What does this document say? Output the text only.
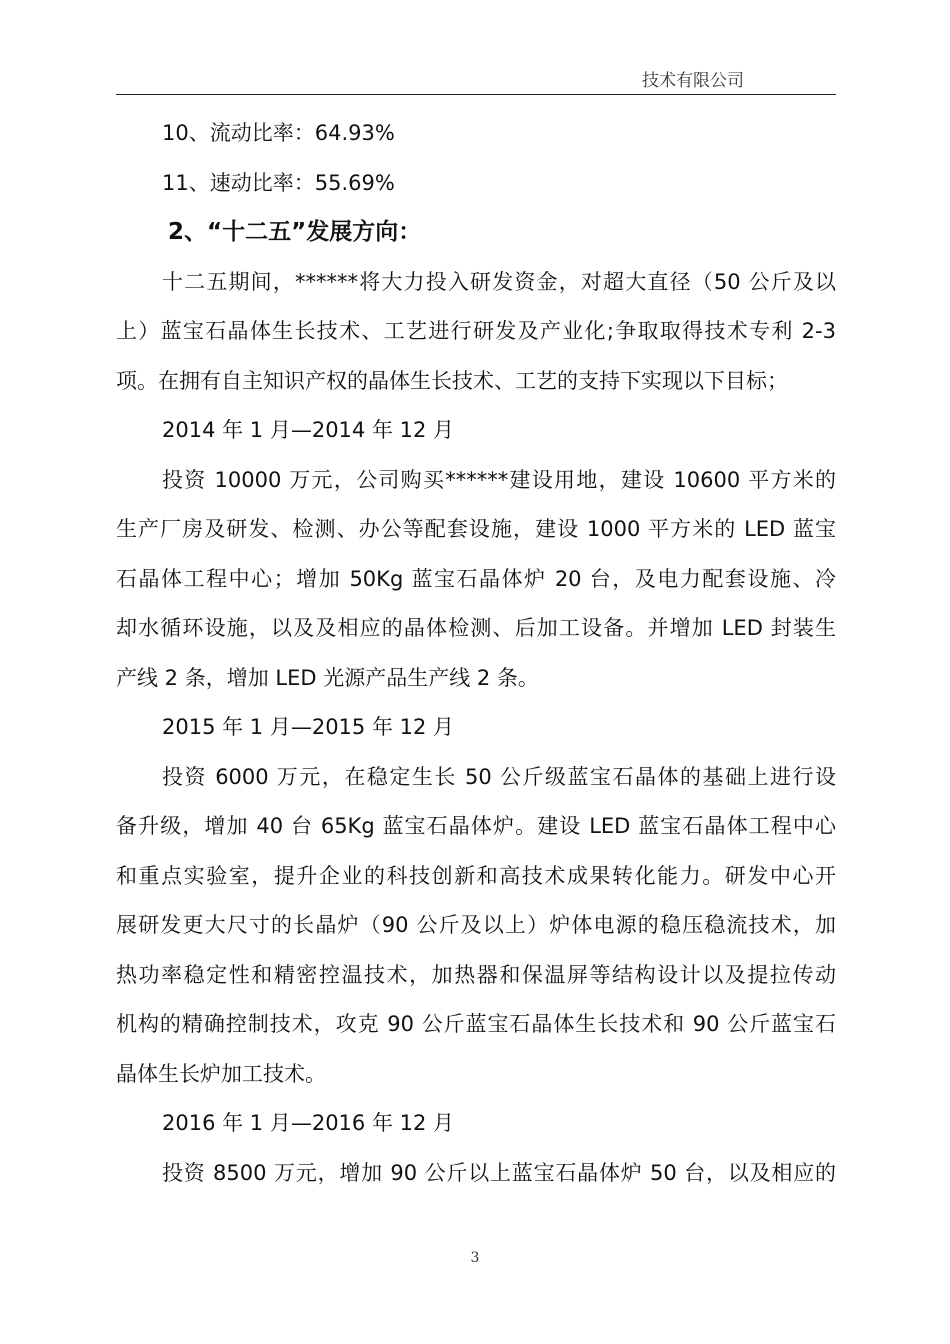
技术有限公司
10、流动比率：64.93%
11、速动比率：55.69%
2、“十二五”发展方向：
十二五期间，******将大力投入研发资金，对超大直径（50 公斤及以
上）蓝宝石晶体生长技术、工艺进行研发及产业化;争取取得技术专利 2-3
项。在拥有自主知识产权的晶体生长技术、工艺的支持下实现以下目标；
2014 年 1 月—2014 年 12 月
投资 10000 万元，公司购买******建设用地，建设 10600 平方米的
生产厂房及研发、检测、办公等配套设施，建设 1000 平方米的 LED 蓝宝
石晶体工程中心；增加 50Kg 蓝宝石晶体炉 20 台，及电力配套设施、冷
却水循环设施，以及及相应的晶体检测、后加工设备。并增加 LED 封装生
产线 2 条，增加 LED 光源产品生产线 2 条。
2015 年 1 月—2015 年 12 月
投资 6000 万元，在稳定生长 50 公斤级蓝宝石晶体的基础上进行设
备升级，增加 40 台 65Kg 蓝宝石晶体炉。建设 LED 蓝宝石晶体工程中心
和重点实验室，提升企业的科技创新和高技术成果转化能力。研发中心开
展研发更大尺寸的长晶炉（90 公斤及以上）炉体电源的稳压稳流技术，加
热功率稳定性和精密控温技术，加热器和保温屏等结构设计以及提拉传动
机构的精确控制技术，攻克 90 公斤蓝宝石晶体生长技术和 90 公斤蓝宝石
晶体生长炉加工技术。
2016 年 1 月—2016 年 12 月
投资 8500 万元，增加 90 公斤以上蓝宝石晶体炉 50 台，以及相应的
3
